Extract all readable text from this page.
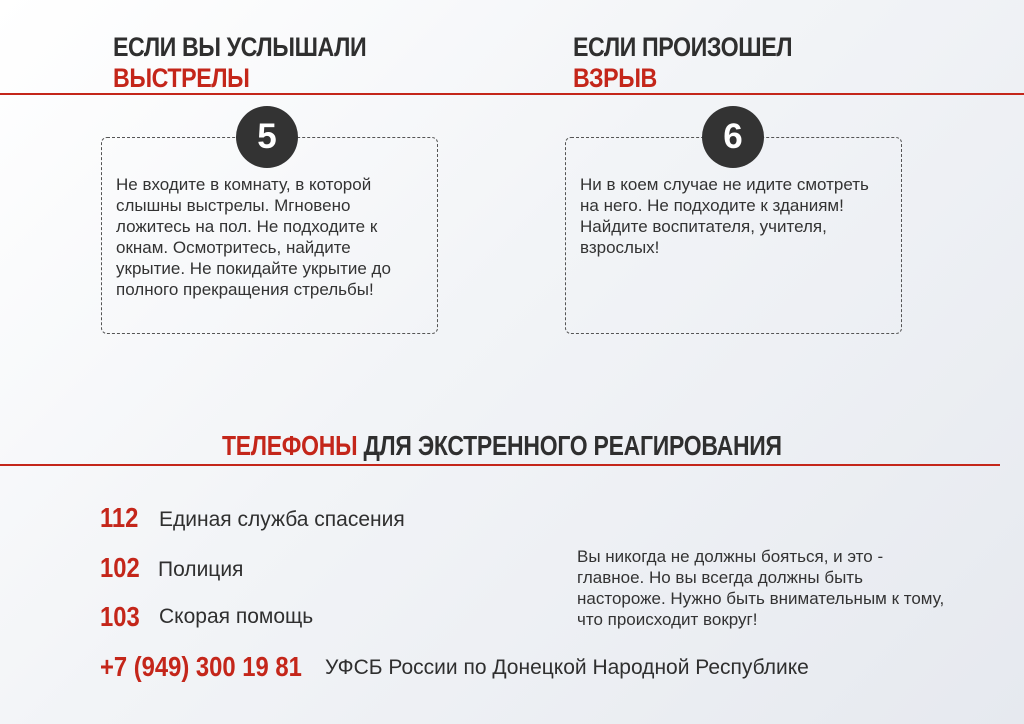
ЕСЛИ ВЫ УСЛЫШАЛИ
ВЫСТРЕЛЫ
ЕСЛИ ПРОИЗОШЕЛ
ВЗРЫВ

Не входите в комнату, в которой слышны выстрелы. Мгновено ложитесь на пол. Не подходите к окнам. Осмотритесь, найдите укрытие. Не покидайте укрытие до полного прекращения стрельбы!

5

Ни в коем случае не идите смотреть на него. Не подходите к зданиям! Найдите воспитателя, учителя, взрослых!

6
ТЕЛЕФОНЫ ДЛЯ ЭКСТРЕННОГО РЕАГИРОВАНИЯ
112 Единая служба спасения
102 Полиция
103 Скорая помощь
+7 (949) 300 19 81	УФСБ России по Донецкой Народной Республике

Вы никогда не должны бояться, и это - главное. Но вы всегда должны быть настороже. Нужно быть внимательным к тому, что происходит вокруг!
